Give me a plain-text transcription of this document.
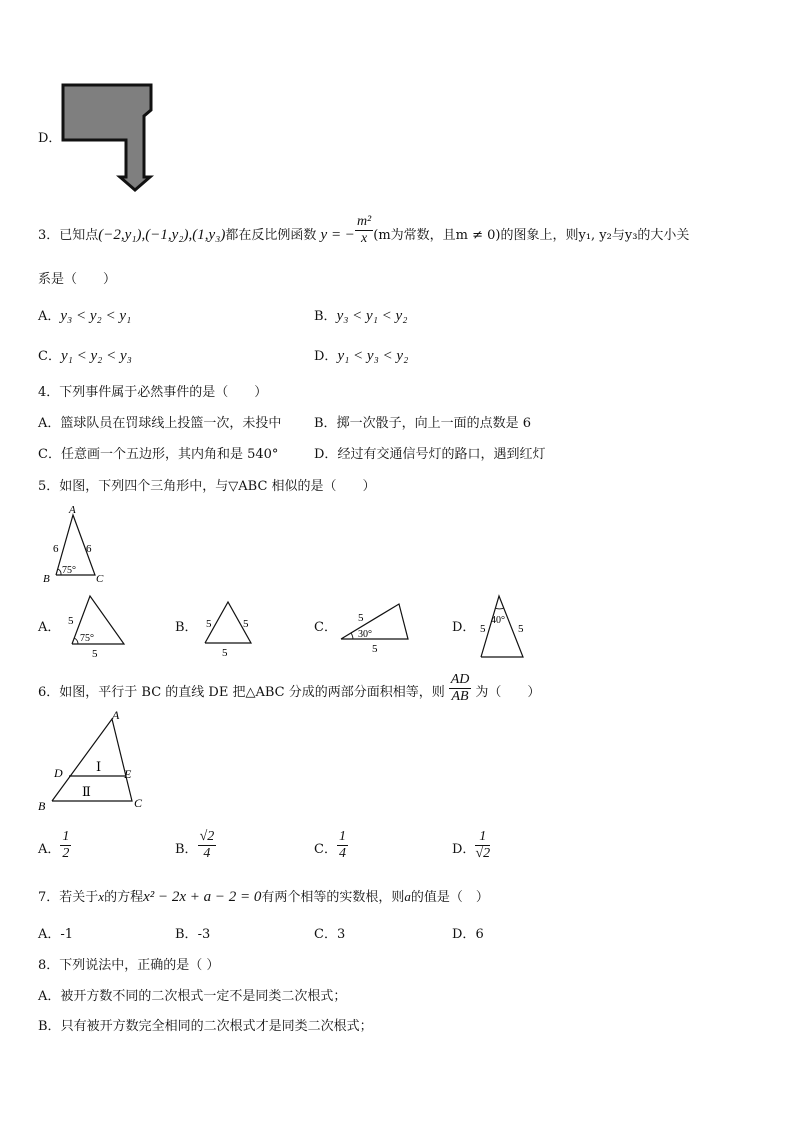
D．
3．已知点(−2,y₁),(−1,y₂),(1,y₃)都在反比例函数 y = − $\frac{\text{m²}}{x} (m$为常数，且m ≠ 0)的图象上，则y₁, y₂与y₃的大小关
系是（　　）
A．y₃ < y₂ < y₁	B．y₃ < y₁ < y₂
C．y₁ < y₂ < y₃	D．y₁ < y₃ < y₂
4．下列事件属于必然事件的是（　　）
A．篮球队员在罚球线上投篮一次，未投中	B．掷一次骰子，向上一面的点数是 6
C．任意画一个五边形，其内角和是 540°	D．经过有交通信号灯的路口，遇到红灯
5．如图，下列四个三角形中，与▽ABC 相似的是（　　）
A
B	C
6	6
75°
A． 5
5
75°
B． 5	5
5
C．
5
5
30°	D． 40°
5	5
6．如图，平行于 BC 的直线 DE 把△ABC 分成的两部分面积相等，则 $\frac{AD}{AB}$ 为（　　）
A
B	C
D	E
Ⅰ
Ⅱ
A． $\frac{1}{2}$	B． $\frac{√2}{4}$	C． $\frac{1}{4}$	D． $\frac{1}{√2}$
7．若关于x的方程x² − 2x + a − 2 = 0有两个相等的实数根，则a的值是（　）
A．-1	B．-3	C．3	D．6
8．下列说法中，正确的是（ ）
A．被开方数不同的二次根式一定不是同类二次根式；
B．只有被开方数完全相同的二次根式才是同类二次根式；
